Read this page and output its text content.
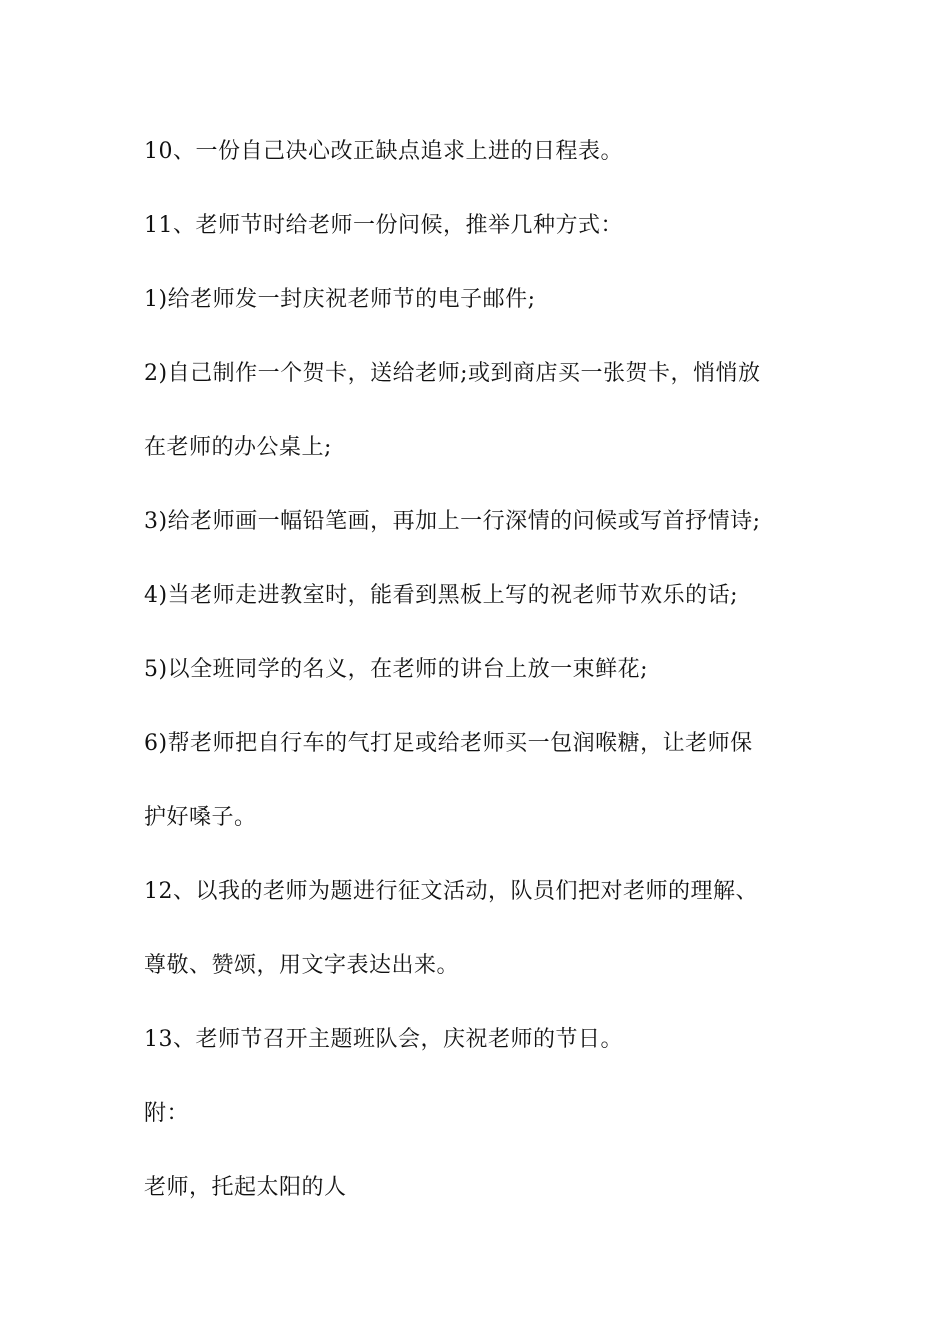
10、一份自己决心改正缺点追求上进的日程表。

11、老师节时给老师一份问候，推举几种方式：

1)给老师发一封庆祝老师节的电子邮件;

2)自己制作一个贺卡，送给老师;或到商店买一张贺卡，悄悄放

在老师的办公桌上;

3)给老师画一幅铅笔画，再加上一行深情的问候或写首抒情诗;

4)当老师走进教室时，能看到黑板上写的祝老师节欢乐的话;

5)以全班同学的名义，在老师的讲台上放一束鲜花;

6)帮老师把自行车的气打足或给老师买一包润喉糖，让老师保

护好嗓子。

12、以我的老师为题进行征文活动，队员们把对老师的理解、

尊敬、赞颂，用文字表达出来。

13、老师节召开主题班队会，庆祝老师的节日。

附：

老师，托起太阳的人
